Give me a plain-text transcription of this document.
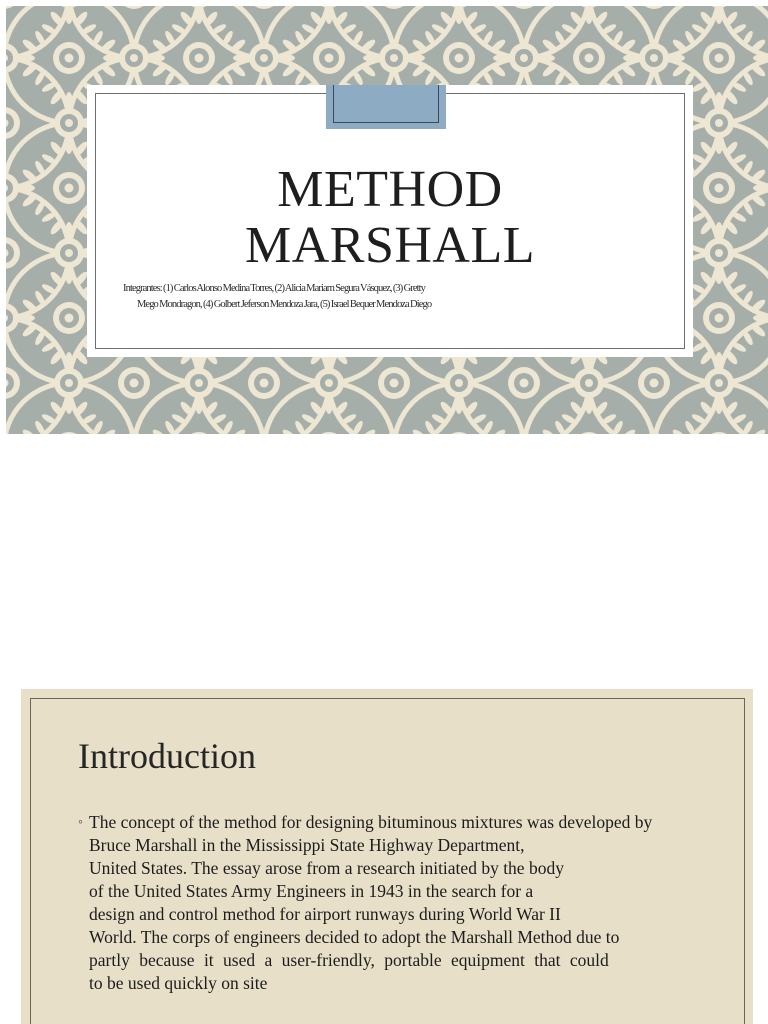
METHOD
MARSHALL
Integrantes: (1) Carlos Alonso Medina Torres, (2) Alicia Mariam Segura Vásquez, (3) Gretty
Mego Mondragon, (4) Golbert Jeferson Mendoza Jara, (5) Israel Bequer Mendoza Diego
Introduction
◦ The concept of the method for designing bituminous mixtures was developed by
Bruce Marshall in the Mississippi State Highway Department,
United States. The essay arose from a research initiated by the body
of the United States Army Engineers in 1943 in the search for a
design and control method for airport runways during World War II
World. The corps of engineers decided to adopt the Marshall Method due to
partly because it used a user-friendly, portable equipment that could
to be used quickly on site
